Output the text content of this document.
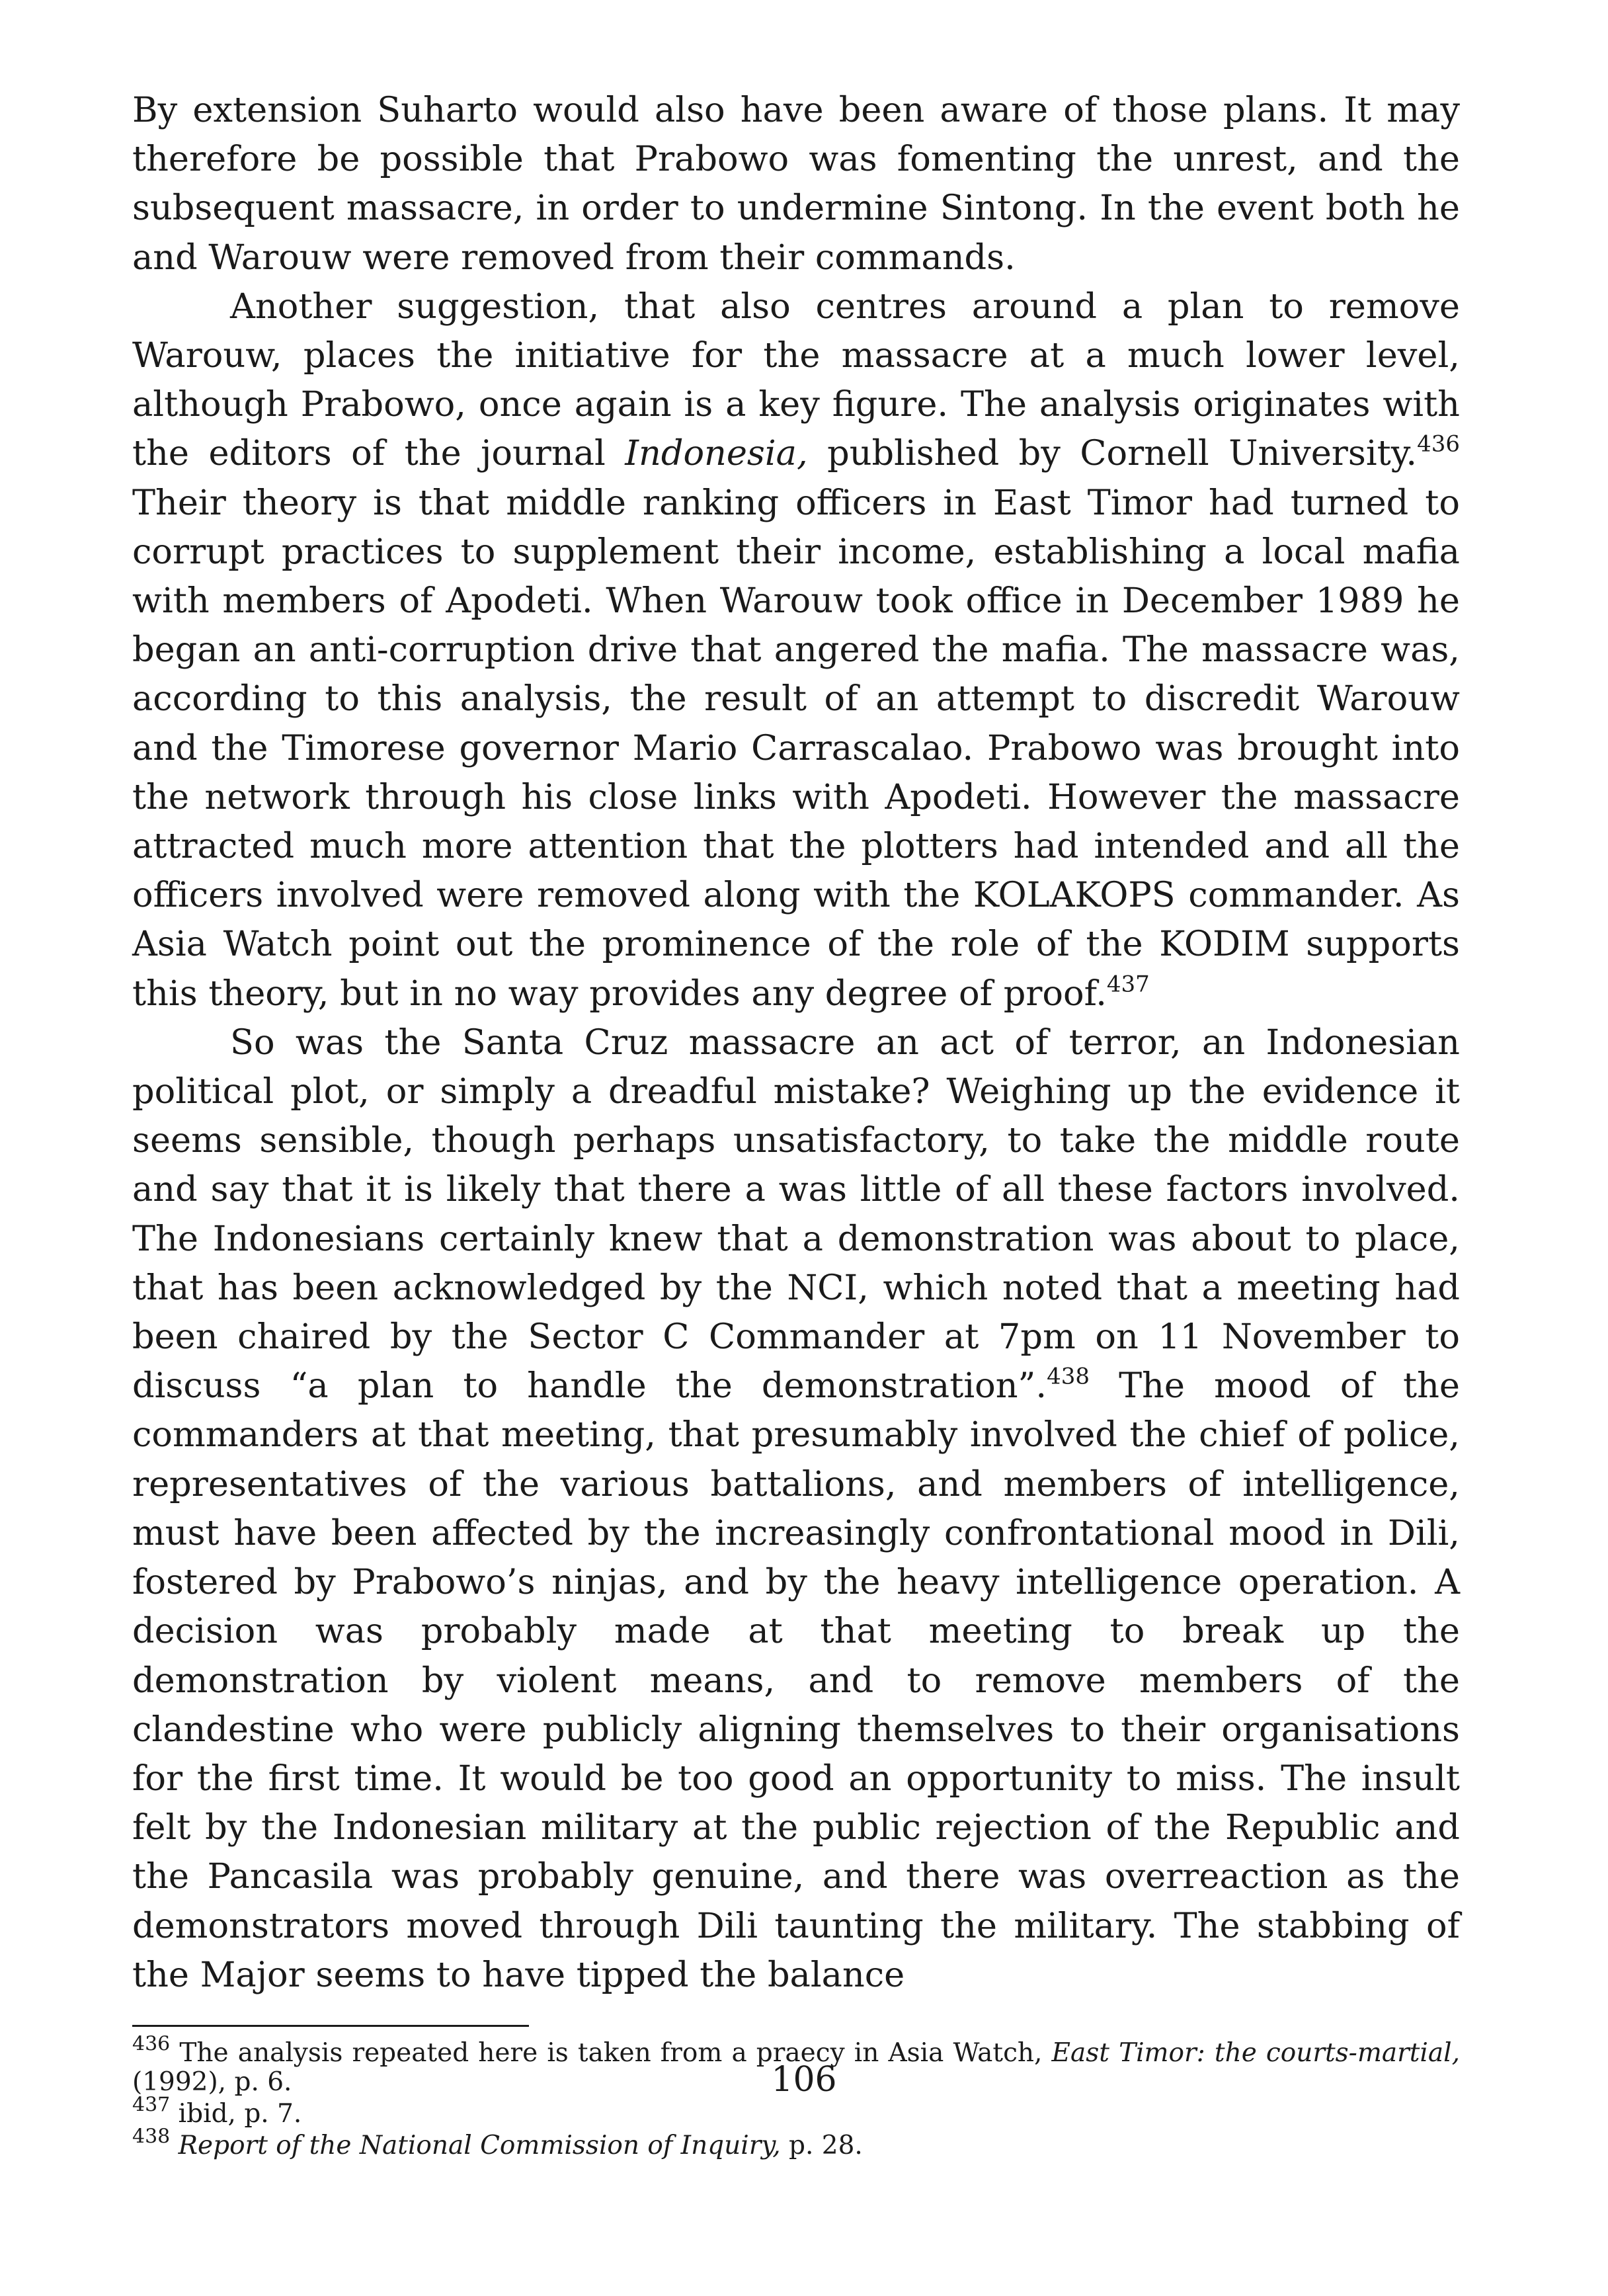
By extension Suharto would also have been aware of those plans. It may therefore be possible that Prabowo was fomenting the unrest, and the subsequent massacre, in order to undermine Sintong. In the event both he and Warouw were removed from their commands.

Another suggestion, that also centres around a plan to remove Warouw, places the initiative for the massacre at a much lower level, although Prabowo, once again is a key figure. The analysis originates with the editors of the journal Indonesia, published by Cornell University.$^{436}$ Their theory is that middle ranking officers in East Timor had turned to corrupt practices to supplement their income, establishing a local mafia with members of Apodeti. When Warouw took office in December 1989 he began an anti-corruption drive that angered the mafia. The massacre was, according to this analysis, the result of an attempt to discredit Warouw and the Timorese governor Mario Carrascalao. Prabowo was brought into the network through his close links with Apodeti. However the massacre attracted much more attention that the plotters had intended and all the officers involved were removed along with the KOLAKOPS commander. As Asia Watch point out the prominence of the role of the KODIM supports this theory, but in no way provides any degree of proof.$^{437}$

So was the Santa Cruz massacre an act of terror, an Indonesian political plot, or simply a dreadful mistake? Weighing up the evidence it seems sensible, though perhaps unsatisfactory, to take the middle route and say that it is likely that there a was little of all these factors involved. The Indonesians certainly knew that a demonstration was about to place, that has been acknowledged by the NCI, which noted that a meeting had been chaired by the Sector C Commander at 7pm on 11 November to discuss “a plan to handle the demonstration”.$^{438}$ The mood of the commanders at that meeting, that presumably involved the chief of police, representatives of the various battalions, and members of intelligence, must have been affected by the increasingly confrontational mood in Dili, fostered by Prabowo’s ninjas, and by the heavy intelligence operation. A decision was probably made at that meeting to break up the demonstration by violent means, and to remove members of the clandestine who were publicly aligning themselves to their organisations for the first time. It would be too good an opportunity to miss. The insult felt by the Indonesian military at the public rejection of the Republic and the Pancasila was probably genuine, and there was overreaction as the demonstrators moved through Dili taunting the military. The stabbing of the Major seems to have tipped the balance

$^{436}$ The analysis repeated here is taken from a praecy in Asia Watch, East Timor: the courts-martial, (1992), p. 6.

$^{437}$ ibid, p. 7.

$^{438}$ Report of the National Commission of Inquiry, p. 28.

106
